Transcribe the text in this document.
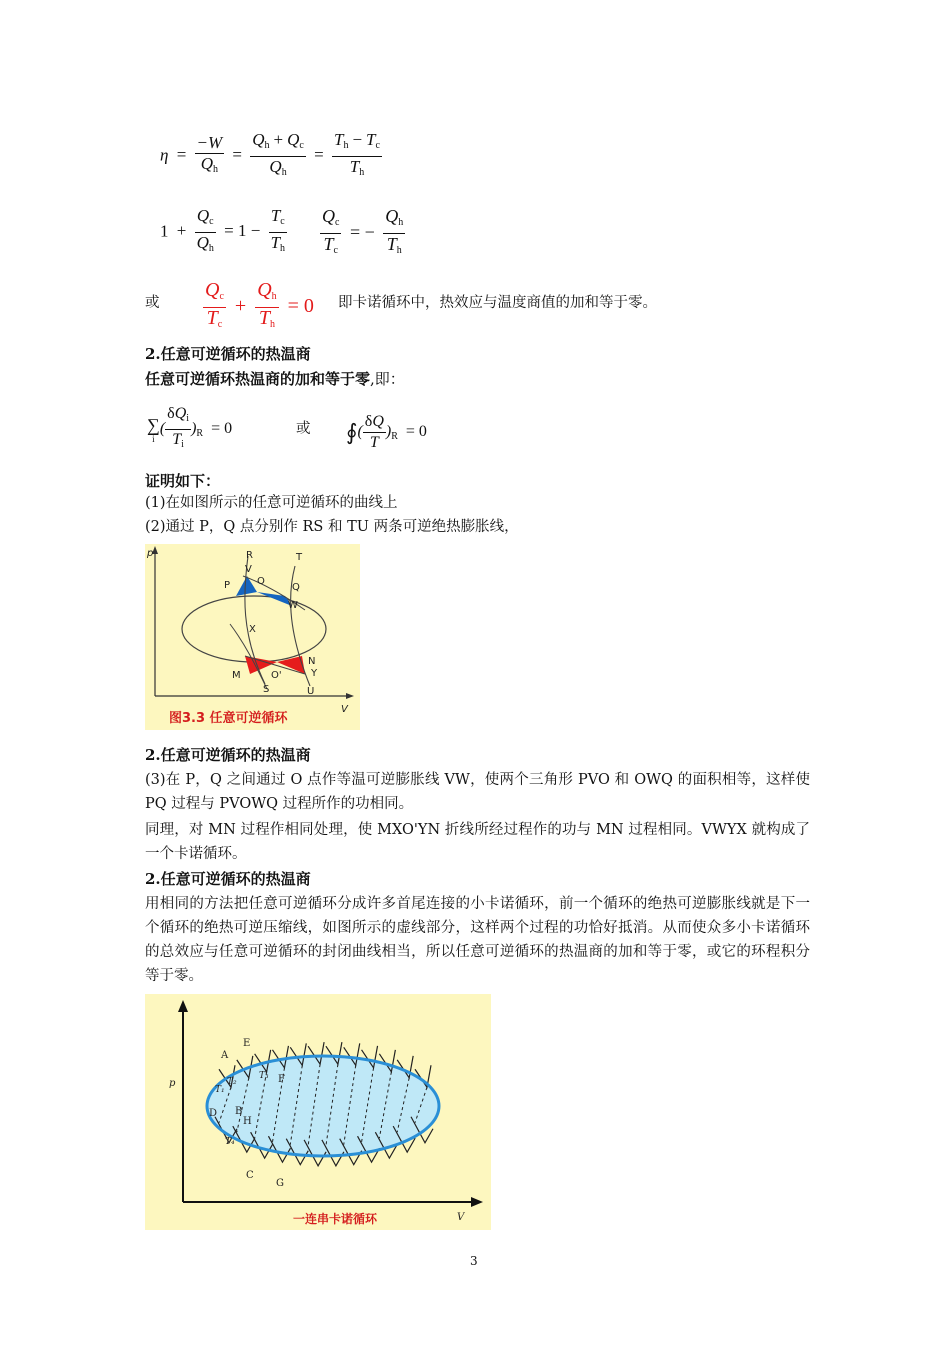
$\eta = \frac{-W}{Q_h} = \frac{Q_h + Q_c}{Q_h} = \frac{T_h - T_c}{T_h}$
$1 + \frac{Q_c}{Q_h} = 1 - \frac{T_c}{T_h} \frac{Q_c}{T_c}$ = − $\frac{Q_h}{T_h}$
或 $\frac{Q_c}{T_c} + \frac{Q_h}{T_h} = 0$ 即卡诺循环中，热效应与温度商值的加和等于零。
2.任意可逆循环的热温商
任意可逆循环热温商的加和等于零,即：
∑
i
( $\frac{\delta Q_i}{T_i} )_R = 0$	或 ∮( $\frac{\delta Q}{T} )_R = 0$
证明如下：
(1)在如图所示的任意可逆循环的曲线上
(2)通过 P，Q 点分别作 RS 和 TU 两条可逆绝热膨胀线，
p
V
R	T
V
P	O
Q
W
X
N
Y
M	O'
S	U
图3.3 任意可逆循环
2.任意可逆循环的热温商
(3)在 P，Q 之间通过 O 点作等温可逆膨胀线 VW，使两个三角形 PVO 和 OWQ 的面积相等，这样使 PQ 过程与 PVOWQ 过程所作的功相同。
同理，对 MN 过程作相同处理，使 MXO'YN 折线所经过程作的功与 MN 过程相同。VWYX 就构成了一个卡诺循环。
2.任意可逆循环的热温商
用相同的方法把任意可逆循环分成许多首尾连接的小卡诺循环，前一个循环的绝热可逆膨胀线就是下一个循环的绝热可逆压缩线，如图所示的虚线部分，这样两个过程的功恰好抵消。从而使众多小卡诺循环的总效应与任意可逆循环的封闭曲线相当，所以任意可逆循环的热温商的加和等于零，或它的环程积分等于零。
p
V
A
E
F
D B
H
C
G
T₁
T₂
T₃
T₄
一连串卡诺循环
3
